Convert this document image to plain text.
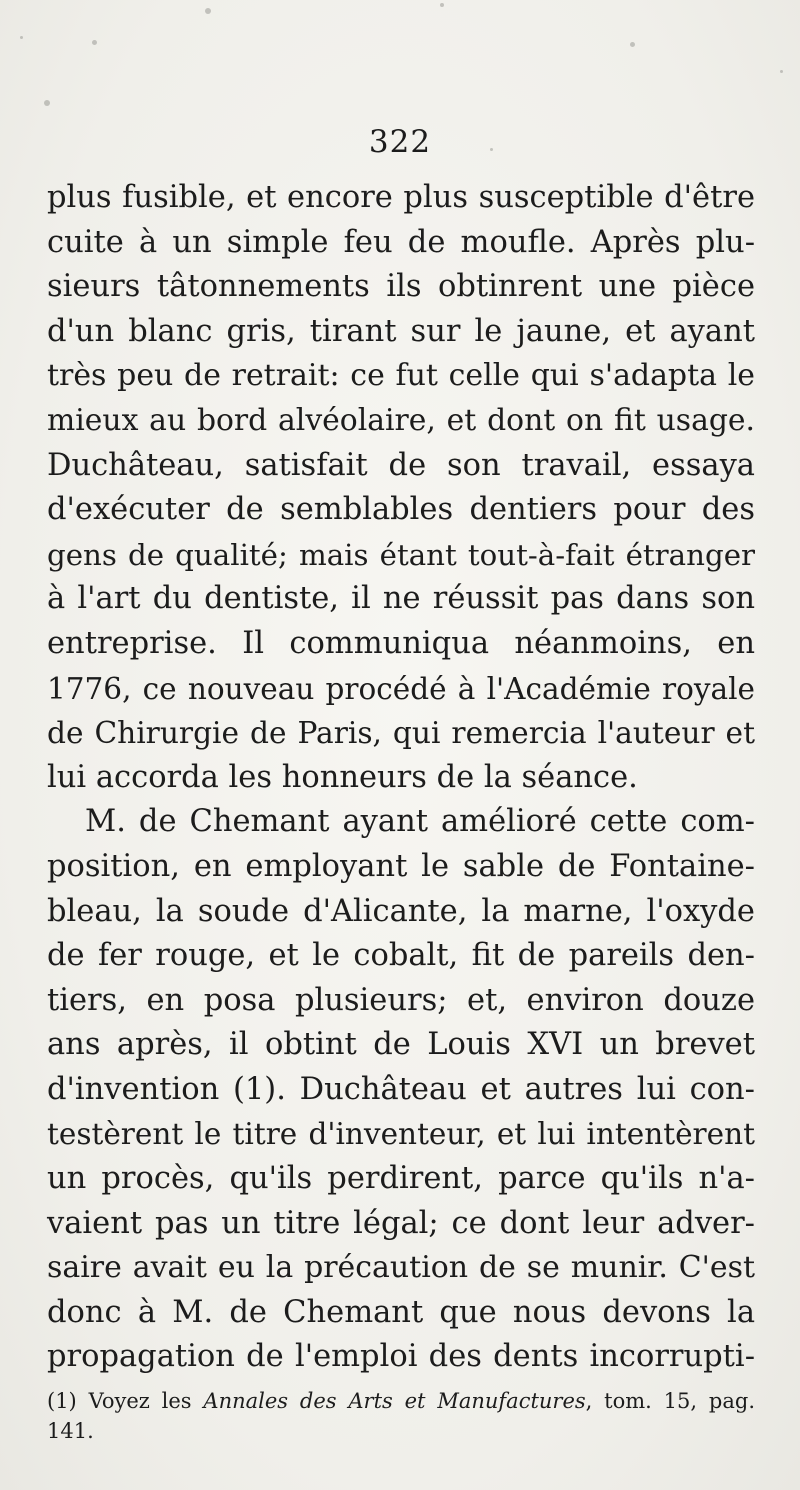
322
plus fusible, et encore plus susceptible d'être
cuite à un simple feu de moufle. Après plu-
sieurs tâtonnements ils obtinrent une pièce
d'un blanc gris, tirant sur le jaune, et ayant
très peu de retrait: ce fut celle qui s'adapta le
mieux au bord alvéolaire, et dont on fit usage.
Duchâteau, satisfait de son travail, essaya
d'exécuter de semblables dentiers pour des
gens de qualité; mais étant tout-à-fait étranger
à l'art du dentiste, il ne réussit pas dans son
entreprise. Il communiqua néanmoins, en
1776, ce nouveau procédé à l'Académie royale
de Chirurgie de Paris, qui remercia l'auteur et
lui accorda les honneurs de la séance.
M. de Chemant ayant amélioré cette com-
position, en employant le sable de Fontaine-
bleau, la soude d'Alicante, la marne, l'oxyde
de fer rouge, et le cobalt, fit de pareils den-
tiers, en posa plusieurs; et, environ douze
ans après, il obtint de Louis XVI un brevet
d'invention (1). Duchâteau et autres lui con-
testèrent le titre d'inventeur, et lui intentèrent
un procès, qu'ils perdirent, parce qu'ils n'a-
vaient pas un titre légal; ce dont leur adver-
saire avait eu la précaution de se munir. C'est
donc à M. de Chemant que nous devons la
propagation de l'emploi des dents incorrupti-
(1) Voyez les Annales des Arts et Manufactures, tom. 15, pag.
141.
